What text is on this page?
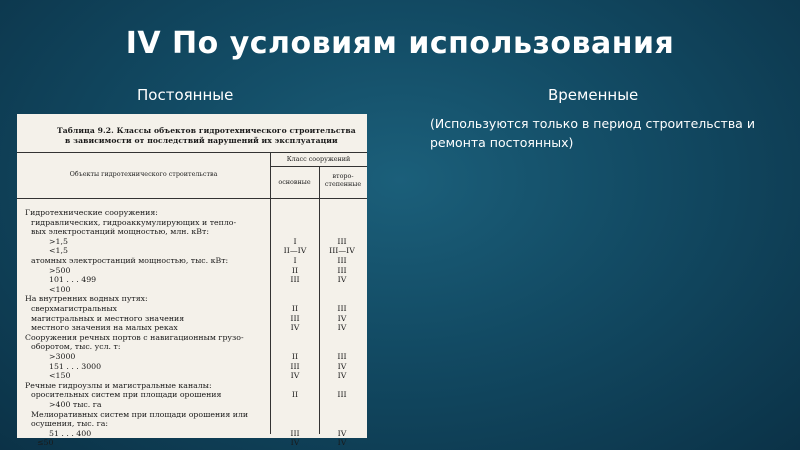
IV По условиям использования
Постоянные	Временные
(Используются только в период строительства и ремонта постоянных)
Таблица 9.2. Классы объектов гидротехнического строительства
в зависимости от последствий нарушений их эксплуатации
Объекты гидротехнического строительства
Класс сооружений
основные
второ-
степенные
Гидротехнические сооружения:
гидравлических, гидроаккумулирующих и тепло-
вых электростанций мощностью, млн. кВт:
>1,5	I	III
<1,5	II—IV	III—IV
атомных электростанций мощностью, тыс. кВт:	I	III
>500	II	III
101 . . . 499	III	IV
<100
На внутренних водных путях:
сверхмагистральных	II	III
магистральных и местного значения	III	IV
местного значения на малых реках	IV	IV
Сооружения речных портов с навигационным грузо-
оборотом, тыс. усл. т:
>3000	II	III
151 . . . 3000	III	IV
<150	IV	IV
Речные гидроузлы и магистральные каналы:
оросительных систем при площади орошения	II	III
>400 тыс. га
Мелиоративных систем при площади орошения или
осушения, тыс. га:
51 . . . 400	III	IV
≤50	IV	IV
